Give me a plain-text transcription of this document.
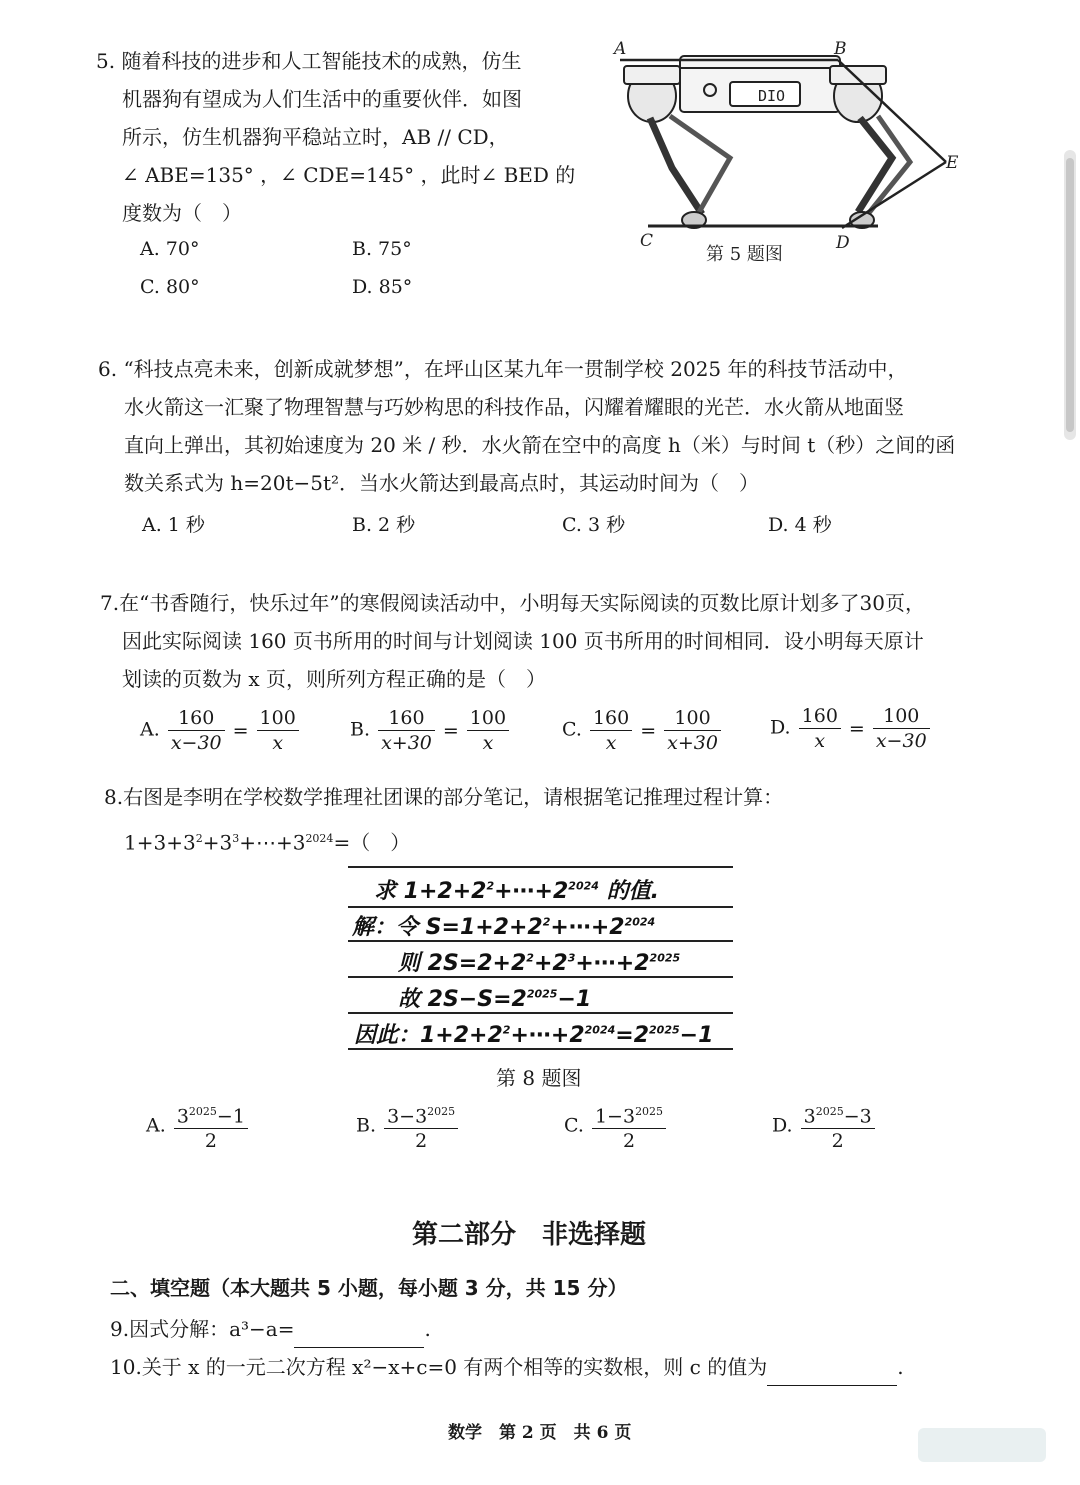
5. 随着科技的进步和人工智能技术的成熟，仿生
机器狗有望成为人们生活中的重要伙伴．如图
所示，仿生机器狗平稳站立时，AB // CD，
∠ ABE=135° ，∠ CDE=145° ，此时∠ BED 的
度数为（　）
A. 70°	B. 75°
C. 80°	D. 85°
DIO
A	B
C	D
E
第 5 题图
6. “科技点亮未来，创新成就梦想”，在坪山区某九年一贯制学校 2025 年的科技节活动中，
水火箭这一汇聚了物理智慧与巧妙构思的科技作品，闪耀着耀眼的光芒．水火箭从地面竖
直向上弹出，其初始速度为 20 米 / 秒．水火箭在空中的高度 h（米）与时间 t（秒）之间的函
数关系式为 h=20t−5t²．当水火箭达到最高点时，其运动时间为（　）
A. 1 秒	B. 2 秒	C. 3 秒	D. 4 秒
7.在“书香随行，快乐过年”的寒假阅读活动中，小明每天实际阅读的页数比原计划多了30页，
因此实际阅读 160 页书所用的时间与计划阅读 100 页书所用的时间相同．设小明每天原计
划读的页数为 x 页，则所列方程正确的是（　）
A. $\frac{160}{x-30} = \frac{100}{x}$	B. $\frac{160}{x+30} = \frac{100}{x}$	C. $\frac{160}{x} = \frac{100}{x+30}$	D. $\frac{160}{x} = \frac{100}{x-30}$
8.右图是李明在学校数学推理社团课的部分笔记，请根据笔记推理过程计算：
$1+3+3^2+3^3+\cdots+3^{2024}=$（　）
求 $1+2+2^2+\cdots+2^{2024}$ 的值.
解：令 $S=1+2+2^2+\cdots+2^{2024}$
则 $2S=2+2^2+2^3+\cdots+2^{2025}$
故 $2S-S=2^{2025}-1$
因此：$1+2+2^2+\cdots+2^{2024}=2^{2025}-1$
第 8 题图
A. $\frac{3^{2025}-1}{2}$	B. $\frac{3-3^{2025}}{2}$	C. $\frac{1-3^{2025}}{2}$	D. $\frac{3^{2025}-3}{2}$
第二部分　非选择题
二、填空题（本大题共 5 小题，每小题 3 分，共 15 分）
9.因式分解：a³−a=	.
10.关于 x 的一元二次方程 x²−x+c=0 有两个相等的实数根，则 c 的值为	.
数学　第 2 页　共 6 页
